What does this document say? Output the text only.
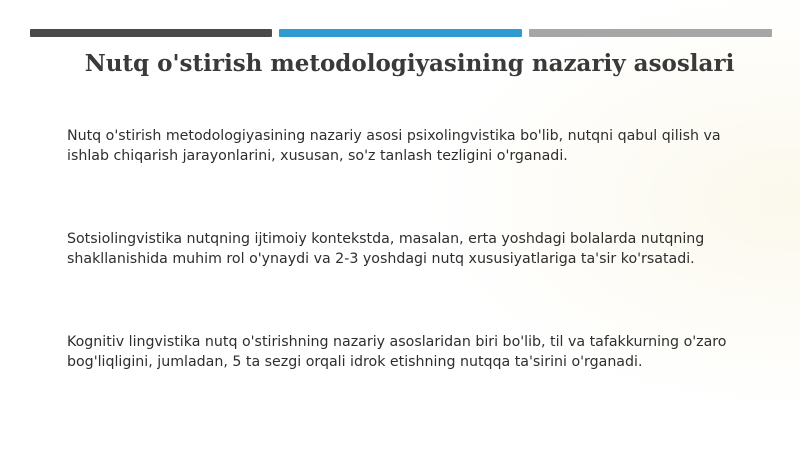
Nutq o'stirish metodologiyasining nazariy asoslari
Nutq o'stirish metodologiyasining nazariy asosi psixolingvistika bo'lib, nutqni qabul qilish va ishlab chiqarish jarayonlarini, xususan, so'z tanlash tezligini o'rganadi.
Sotsiolingvistika nutqning ijtimoiy kontekstda, masalan, erta yoshdagi bolalarda nutqning shakllanishida muhim rol o'ynaydi va 2-3 yoshdagi nutq xususiyatlariga ta'sir ko'rsatadi.
Kognitiv lingvistika nutq o'stirishning nazariy asoslaridan biri bo'lib, til va tafakkurning o'zaro bog'liqligini, jumladan, 5 ta sezgi orqali idrok etishning nutqqa ta'sirini o'rganadi.
